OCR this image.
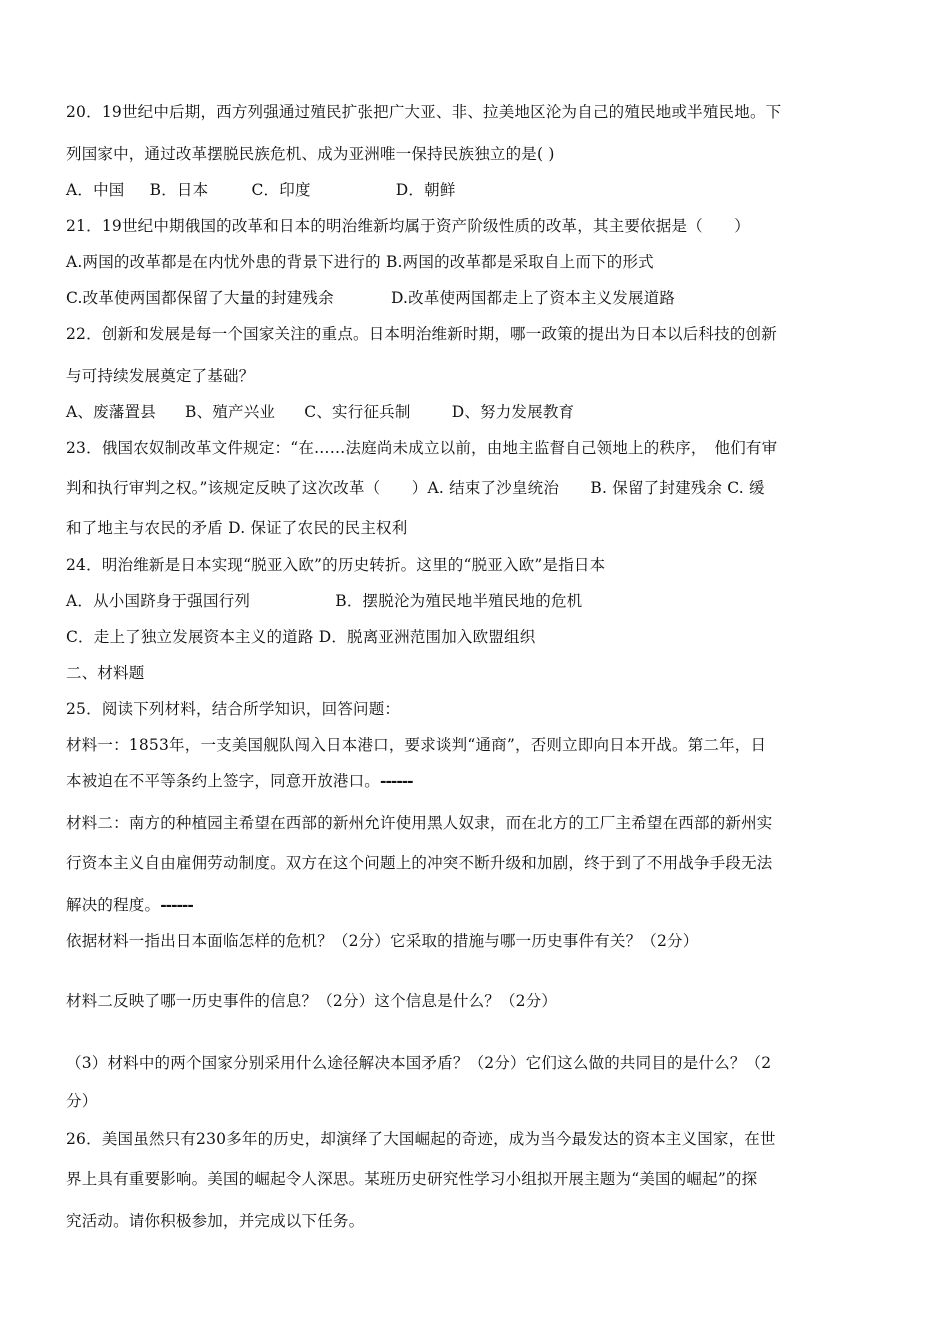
20．19世纪中后期，西方列强通过殖民扩张把广大亚、非、拉美地区沦为自己的殖民地或半殖民地。下
列国家中，通过改革摆脱民族危机、成为亚洲唯一保持民族独立的是( )
A．中国 B．日本	C．印度	D．朝鲜
21．19世纪中期俄国的改革和日本的明治维新均属于资产阶级性质的改革，其主要依据是（　　）
A.两国的改革都是在内忧外患的背景下进行的 B.两国的改革都是采取自上而下的形式
C.改革使两国都保留了大量的封建残余	D.改革使两国都走上了资本主义发展道路
22．创新和发展是每一个国家关注的重点。日本明治维新时期，哪一政策的提出为日本以后科技的创新
与可持续发展奠定了基础？
A、废藩置县 B、殖产兴业 C、实行征兵制	D、努力发展教育
23．俄国农奴制改革文件规定：“在……法庭尚未成立以前，由地主监督自己领地上的秩序，　他们有审
判和执行审判之权。”该规定反映了这次改革（　　）A. 结束了沙皇统治　　B. 保留了封建残余 C. 缓
和了地主与农民的矛盾 D. 保证了农民的民主权利
24．明治维新是日本实现“脱亚入欧”的历史转折。这里的“脱亚入欧”是指日本
A．从小国跻身于强国行列	B．摆脱沦为殖民地半殖民地的危机
C．走上了独立发展资本主义的道路 D．脱离亚洲范围加入欧盟组织
二、材料题
25．阅读下列材料，结合所学知识，回答问题：
材料一：1853年，一支美国舰队闯入日本港口，要求谈判“通商”，否则立即向日本开战。第二年，日
本被迫在不平等条约上签字，同意开放港口。------
材料二：南方的种植园主希望在西部的新州允许使用黑人奴隶，而在北方的工厂主希望在西部的新州实
行资本主义自由雇佣劳动制度。双方在这个问题上的冲突不断升级和加剧，终于到了不用战争手段无法
解决的程度。------
依据材料一指出日本面临怎样的危机？（2分）它采取的措施与哪一历史事件有关？（2分）
材料二反映了哪一历史事件的信息？（2分）这个信息是什么？（2分）
（3）材料中的两个国家分别采用什么途径解决本国矛盾？（2分）它们这么做的共同目的是什么？（2
分）
26．美国虽然只有230多年的历史，却演绎了大国崛起的奇迹，成为当今最发达的资本主义国家，在世
界上具有重要影响。美国的崛起令人深思。某班历史研究性学习小组拟开展主题为“美国的崛起”的探
究活动。请你积极参加，并完成以下任务。
